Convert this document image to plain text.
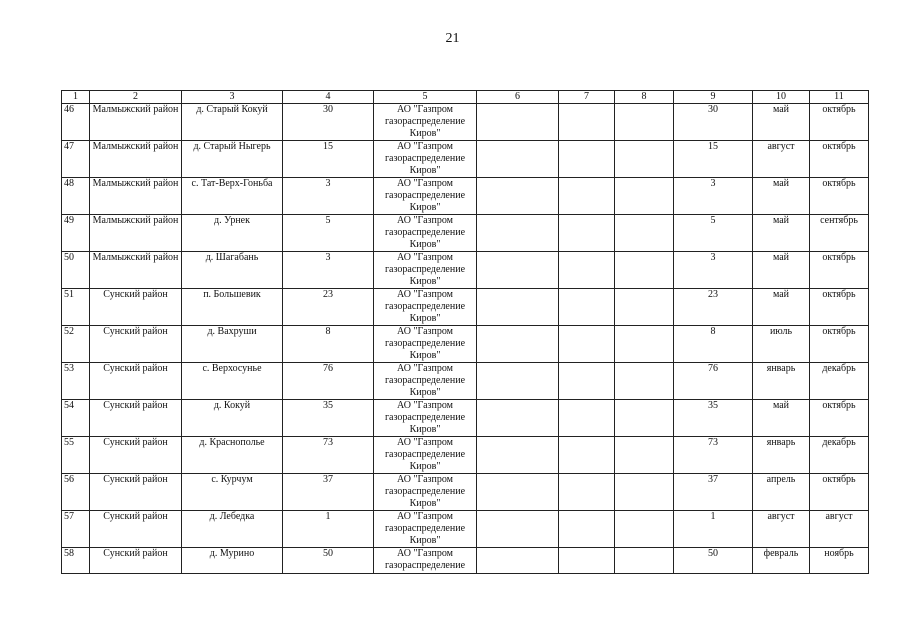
21
1	2	3	4	5	6	7	8	9	10	11
46	Малмыжский район	д. Старый Кокуй	30	АО "Газпром газораспределение Киров"				30	май	октябрь
47	Малмыжский район	д. Старый Ныгерь	15	АО "Газпром газораспределение Киров"				15	август	октябрь
48	Малмыжский район	с. Тат-Верх-Гоньба	3	АО "Газпром газораспределение Киров"				3	май	октябрь
49	Малмыжский район	д. Урнек	5	АО "Газпром газораспределение Киров"				5	май	сентябрь
50	Малмыжский район	д. Шагабань	3	АО "Газпром газораспределение Киров"				3	май	октябрь
51	Сунский район	п. Большевик	23	АО "Газпром газораспределение Киров"				23	май	октябрь
52	Сунский район	д. Вахруши	8	АО "Газпром газораспределение Киров"				8	июль	октябрь
53	Сунский район	с. Верхосунье	76	АО "Газпром газораспределение Киров"				76	январь	декабрь
54	Сунский район	д. Кокуй	35	АО "Газпром газораспределение Киров"				35	май	октябрь
55	Сунский район	д. Краснополье	73	АО "Газпром газораспределение Киров"				73	январь	декабрь
56	Сунский район	с. Курчум	37	АО "Газпром газораспределение Киров"				37	апрель	октябрь
57	Сунский район	д. Лебедка	1	АО "Газпром газораспределение Киров"				1	август	август
58	Сунский район	д. Мурино	50	АО "Газпром газораспределение				50	февраль	ноябрь
